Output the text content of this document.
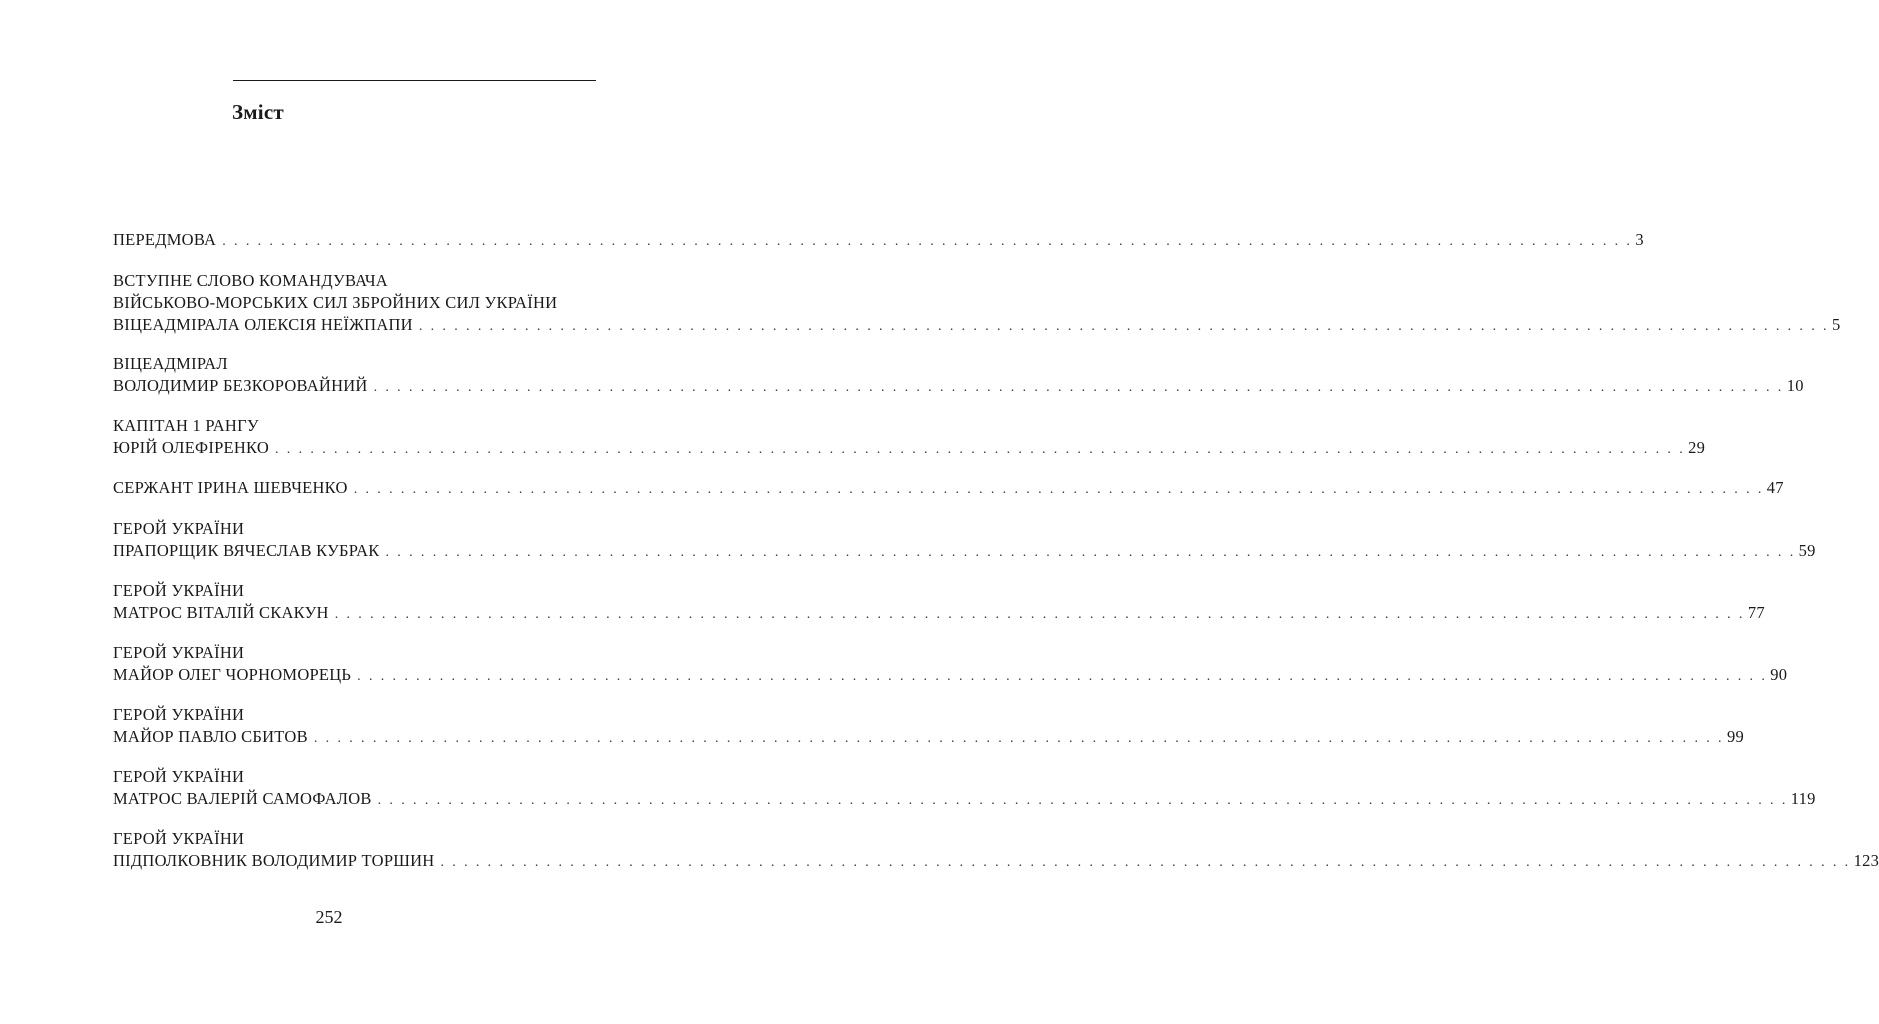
Зміст
ПЕРЕДМОВА . . . . . . . . . . . . . . . . . . . . . . . . . . . . . . . . . . . . . . . . . . . . . . . . . . . . . . . . . . . . . . . . . . . . . . . . . . . . . . . . . . . . . . . . . . . . . . . . . . . . . . . . . . . . . . . . . . . . . . . . 3
ВСТУПНЕ СЛОВО КОМАНДУВАЧА
ВІЙСЬКОВО-МОРСЬКИХ СИЛ ЗБРОЙНИХ СИЛ УКРАЇНИ
ВІЦЕАДМІРАЛА ОЛЕКСІЯ НЕЇЖПАПИ . . . . . . . . . . . . . . . . . . . . . . . . . . . . . . . . . . . . . . . . . . . . . . . . . . . . . . . . . . . . . . . . . . . . . . . . . . . . . . . . . . . . . . . . . . . . . . . . . . . . . . . . . . . . . . . . . . . . . . . . 5
ВІЦЕАДМІРАЛ
ВОЛОДИМИР БЕЗКОРОВАЙНИЙ . . . . . . . . . . . . . . . . . . . . . . . . . . . . . . . . . . . . . . . . . . . . . . . . . . . . . . . . . . . . . . . . . . . . . . . . . . . . . . . . . . . . . . . . . . . . . . . . . . . . . . . . . . . . . . . . . . . . . . . . 10
КАПІТАН 1 РАНГУ
ЮРІЙ ОЛЕФІРЕНКО . . . . . . . . . . . . . . . . . . . . . . . . . . . . . . . . . . . . . . . . . . . . . . . . . . . . . . . . . . . . . . . . . . . . . . . . . . . . . . . . . . . . . . . . . . . . . . . . . . . . . . . . . . . . . . . . . . . . . . . . 29
СЕРЖАНТ ІРИНА ШЕВЧЕНКО . . . . . . . . . . . . . . . . . . . . . . . . . . . . . . . . . . . . . . . . . . . . . . . . . . . . . . . . . . . . . . . . . . . . . . . . . . . . . . . . . . . . . . . . . . . . . . . . . . . . . . . . . . . . . . . . . . . . . . . . 47
ГЕРОЙ УКРАЇНИ
ПРАПОРЩИК ВЯЧЕСЛАВ КУБРАК . . . . . . . . . . . . . . . . . . . . . . . . . . . . . . . . . . . . . . . . . . . . . . . . . . . . . . . . . . . . . . . . . . . . . . . . . . . . . . . . . . . . . . . . . . . . . . . . . . . . . . . . . . . . . . . . . . . . . . . . 59
ГЕРОЙ УКРАЇНИ
МАТРОС ВІТАЛІЙ СКАКУН . . . . . . . . . . . . . . . . . . . . . . . . . . . . . . . . . . . . . . . . . . . . . . . . . . . . . . . . . . . . . . . . . . . . . . . . . . . . . . . . . . . . . . . . . . . . . . . . . . . . . . . . . . . . . . . . . . . . . . . . 77
ГЕРОЙ УКРАЇНИ
МАЙОР ОЛЕГ ЧОРНОМОРЕЦЬ . . . . . . . . . . . . . . . . . . . . . . . . . . . . . . . . . . . . . . . . . . . . . . . . . . . . . . . . . . . . . . . . . . . . . . . . . . . . . . . . . . . . . . . . . . . . . . . . . . . . . . . . . . . . . . . . . . . . . . . . 90
ГЕРОЙ УКРАЇНИ
МАЙОР ПАВЛО СБИТОВ . . . . . . . . . . . . . . . . . . . . . . . . . . . . . . . . . . . . . . . . . . . . . . . . . . . . . . . . . . . . . . . . . . . . . . . . . . . . . . . . . . . . . . . . . . . . . . . . . . . . . . . . . . . . . . . . . . . . . . . . 99
ГЕРОЙ УКРАЇНИ
МАТРОС ВАЛЕРІЙ САМОФАЛОВ . . . . . . . . . . . . . . . . . . . . . . . . . . . . . . . . . . . . . . . . . . . . . . . . . . . . . . . . . . . . . . . . . . . . . . . . . . . . . . . . . . . . . . . . . . . . . . . . . . . . . . . . . . . . . . . . . . . . . . . . 119
ГЕРОЙ УКРАЇНИ
ПІДПОЛКОВНИК ВОЛОДИМИР ТОРШИН . . . . . . . . . . . . . . . . . . . . . . . . . . . . . . . . . . . . . . . . . . . . . . . . . . . . . . . . . . . . . . . . . . . . . . . . . . . . . . . . . . . . . . . . . . . . . . . . . . . . . . . . . . . . . . . . . . . . . . . . 123
252
